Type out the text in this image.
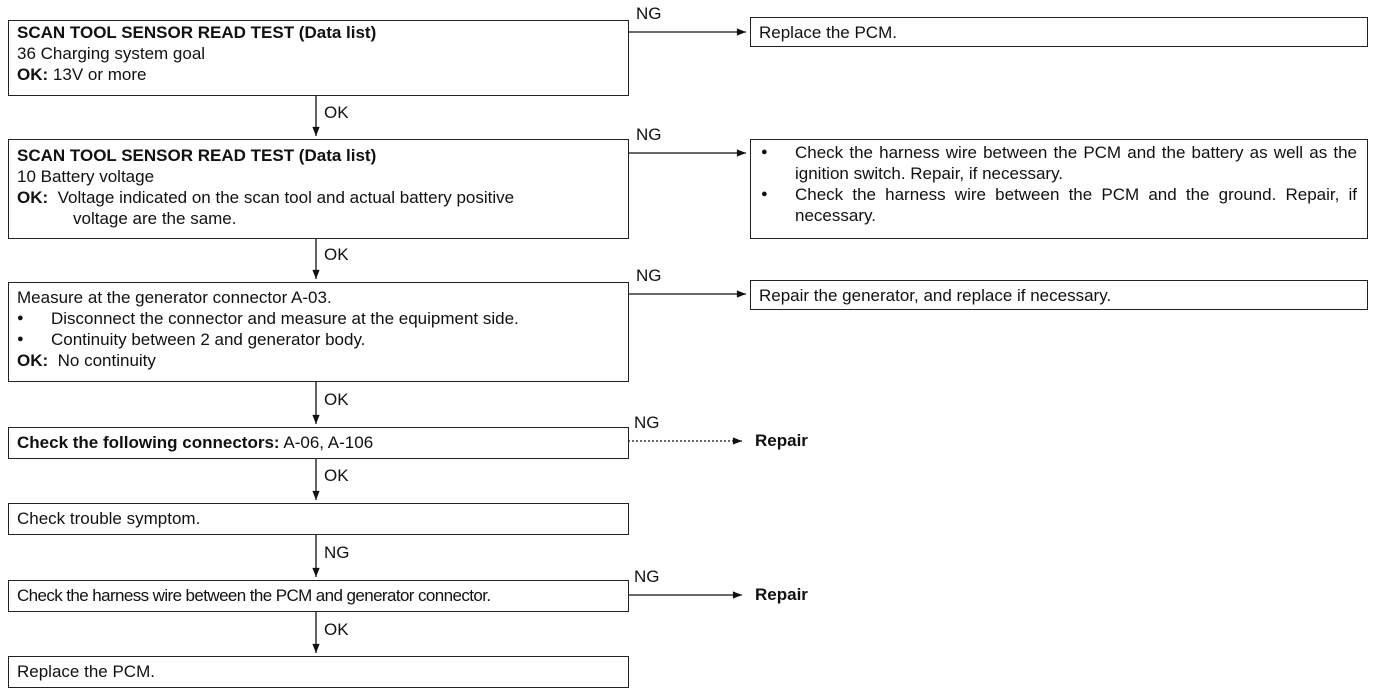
SCAN TOOL SENSOR READ TEST (Data list)
36 Charging system goal
OK: 13V or more
NG
Replace the PCM.
OK
SCAN TOOL SENSOR READ TEST (Data list)
10 Battery voltage
OK: Voltage indicated on the scan tool and actual battery positive
voltage are the same.
NG
● Check the harness wire between the PCM and the battery as well as the ignition switch. Repair, if necessary.
● Check the harness wire between the PCM and the ground. Repair, if necessary.
OK
Measure at the generator connector A-03.
● Disconnect the connector and measure at the equipment side.
● Continuity between 2 and generator body.
OK: No continuity
NG
Repair the generator, and replace if necessary.
OK
Check the following connectors: A-06, A-106
NG
Repair
OK
Check trouble symptom.
NG
Check the harness wire between the PCM and generator connector.
NG
Repair
OK
Replace the PCM.
